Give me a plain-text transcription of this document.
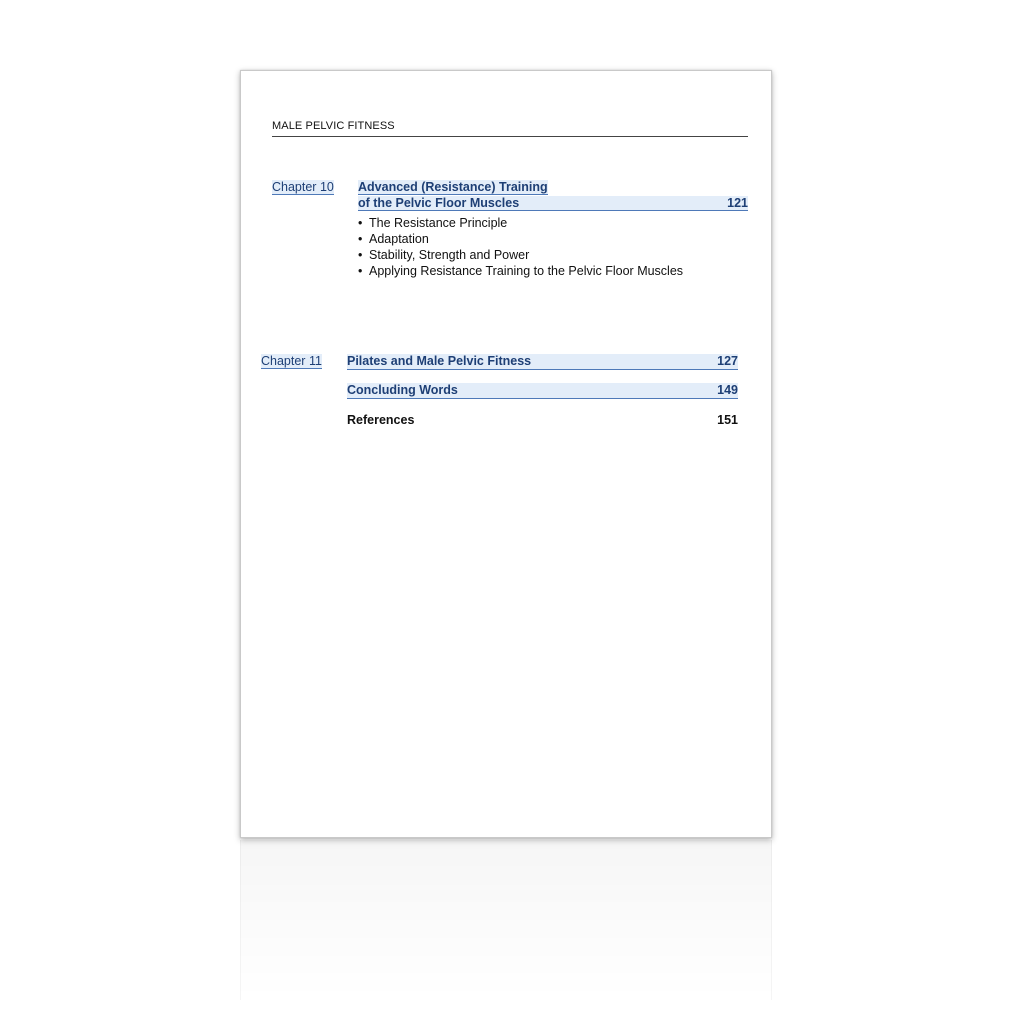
MALE PELVIC FITNESS
Chapter 10 Advanced (Resistance) Training
of the Pelvic Floor Muscles	121
• The Resistance Principle
• Adaptation
• Stability, Strength and Power
• Applying Resistance Training to the Pelvic Floor Muscles
Chapter 11 Pilates and Male Pelvic Fitness	127
Concluding Words	149
References	151
